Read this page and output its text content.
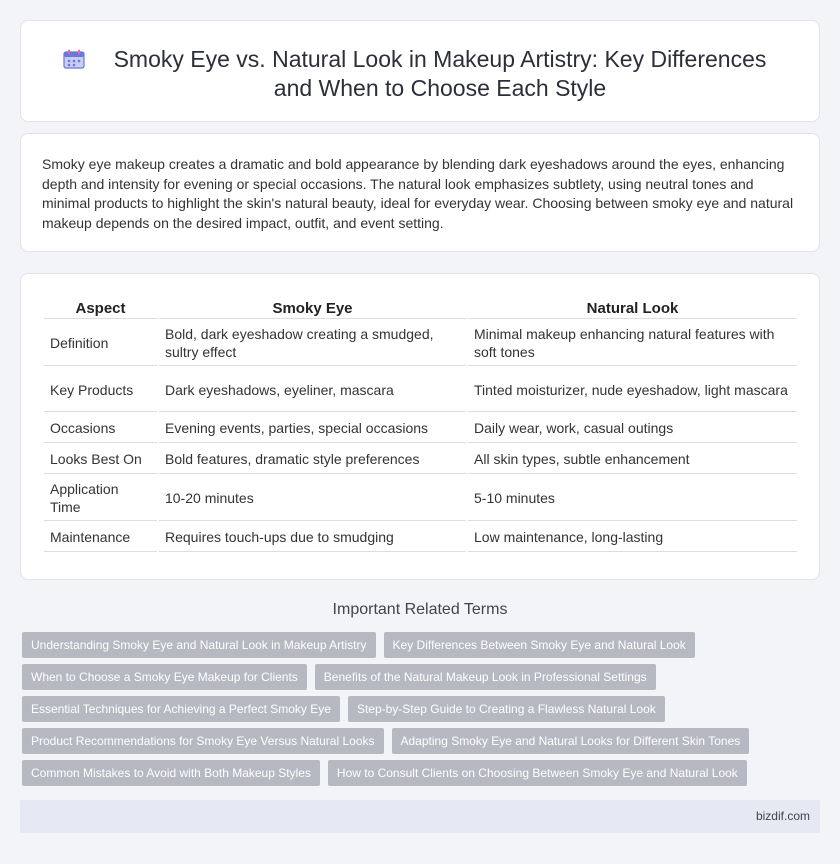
Smoky Eye vs. Natural Look in Makeup Artistry: Key Differences and When to Choose Each Style

Smoky eye makeup creates a dramatic and bold appearance by blending dark eyeshadows around the eyes, enhancing depth and intensity for evening or special occasions. The natural look emphasizes subtlety, using neutral tones and minimal products to highlight the skin's natural beauty, ideal for everyday wear. Choosing between smoky eye and natural makeup depends on the desired impact, outfit, and event setting.

Aspect	Smoky Eye	Natural Look
Definition	Bold, dark eyeshadow creating a smudged, sultry effect	Minimal makeup enhancing natural features with soft tones
Key Products	Dark eyeshadows, eyeliner, mascara	Tinted moisturizer, nude eyeshadow, light mascara
Occasions	Evening events, parties, special occasions	Daily wear, work, casual outings
Looks Best On	Bold features, dramatic style preferences	All skin types, subtle enhancement
Application Time	10-20 minutes	5-10 minutes
Maintenance	Requires touch-ups due to smudging	Low maintenance, long-lasting
Important Related Terms
Understanding Smoky Eye and Natural Look in Makeup Artistry	Key Differences Between Smoky Eye and Natural Look
When to Choose a Smoky Eye Makeup for Clients	Benefits of the Natural Makeup Look in Professional Settings
Essential Techniques for Achieving a Perfect Smoky Eye	Step-by-Step Guide to Creating a Flawless Natural Look
Product Recommendations for Smoky Eye Versus Natural Looks	Adapting Smoky Eye and Natural Looks for Different Skin Tones
Common Mistakes to Avoid with Both Makeup Styles	How to Consult Clients on Choosing Between Smoky Eye and Natural Look
bizdif.com
